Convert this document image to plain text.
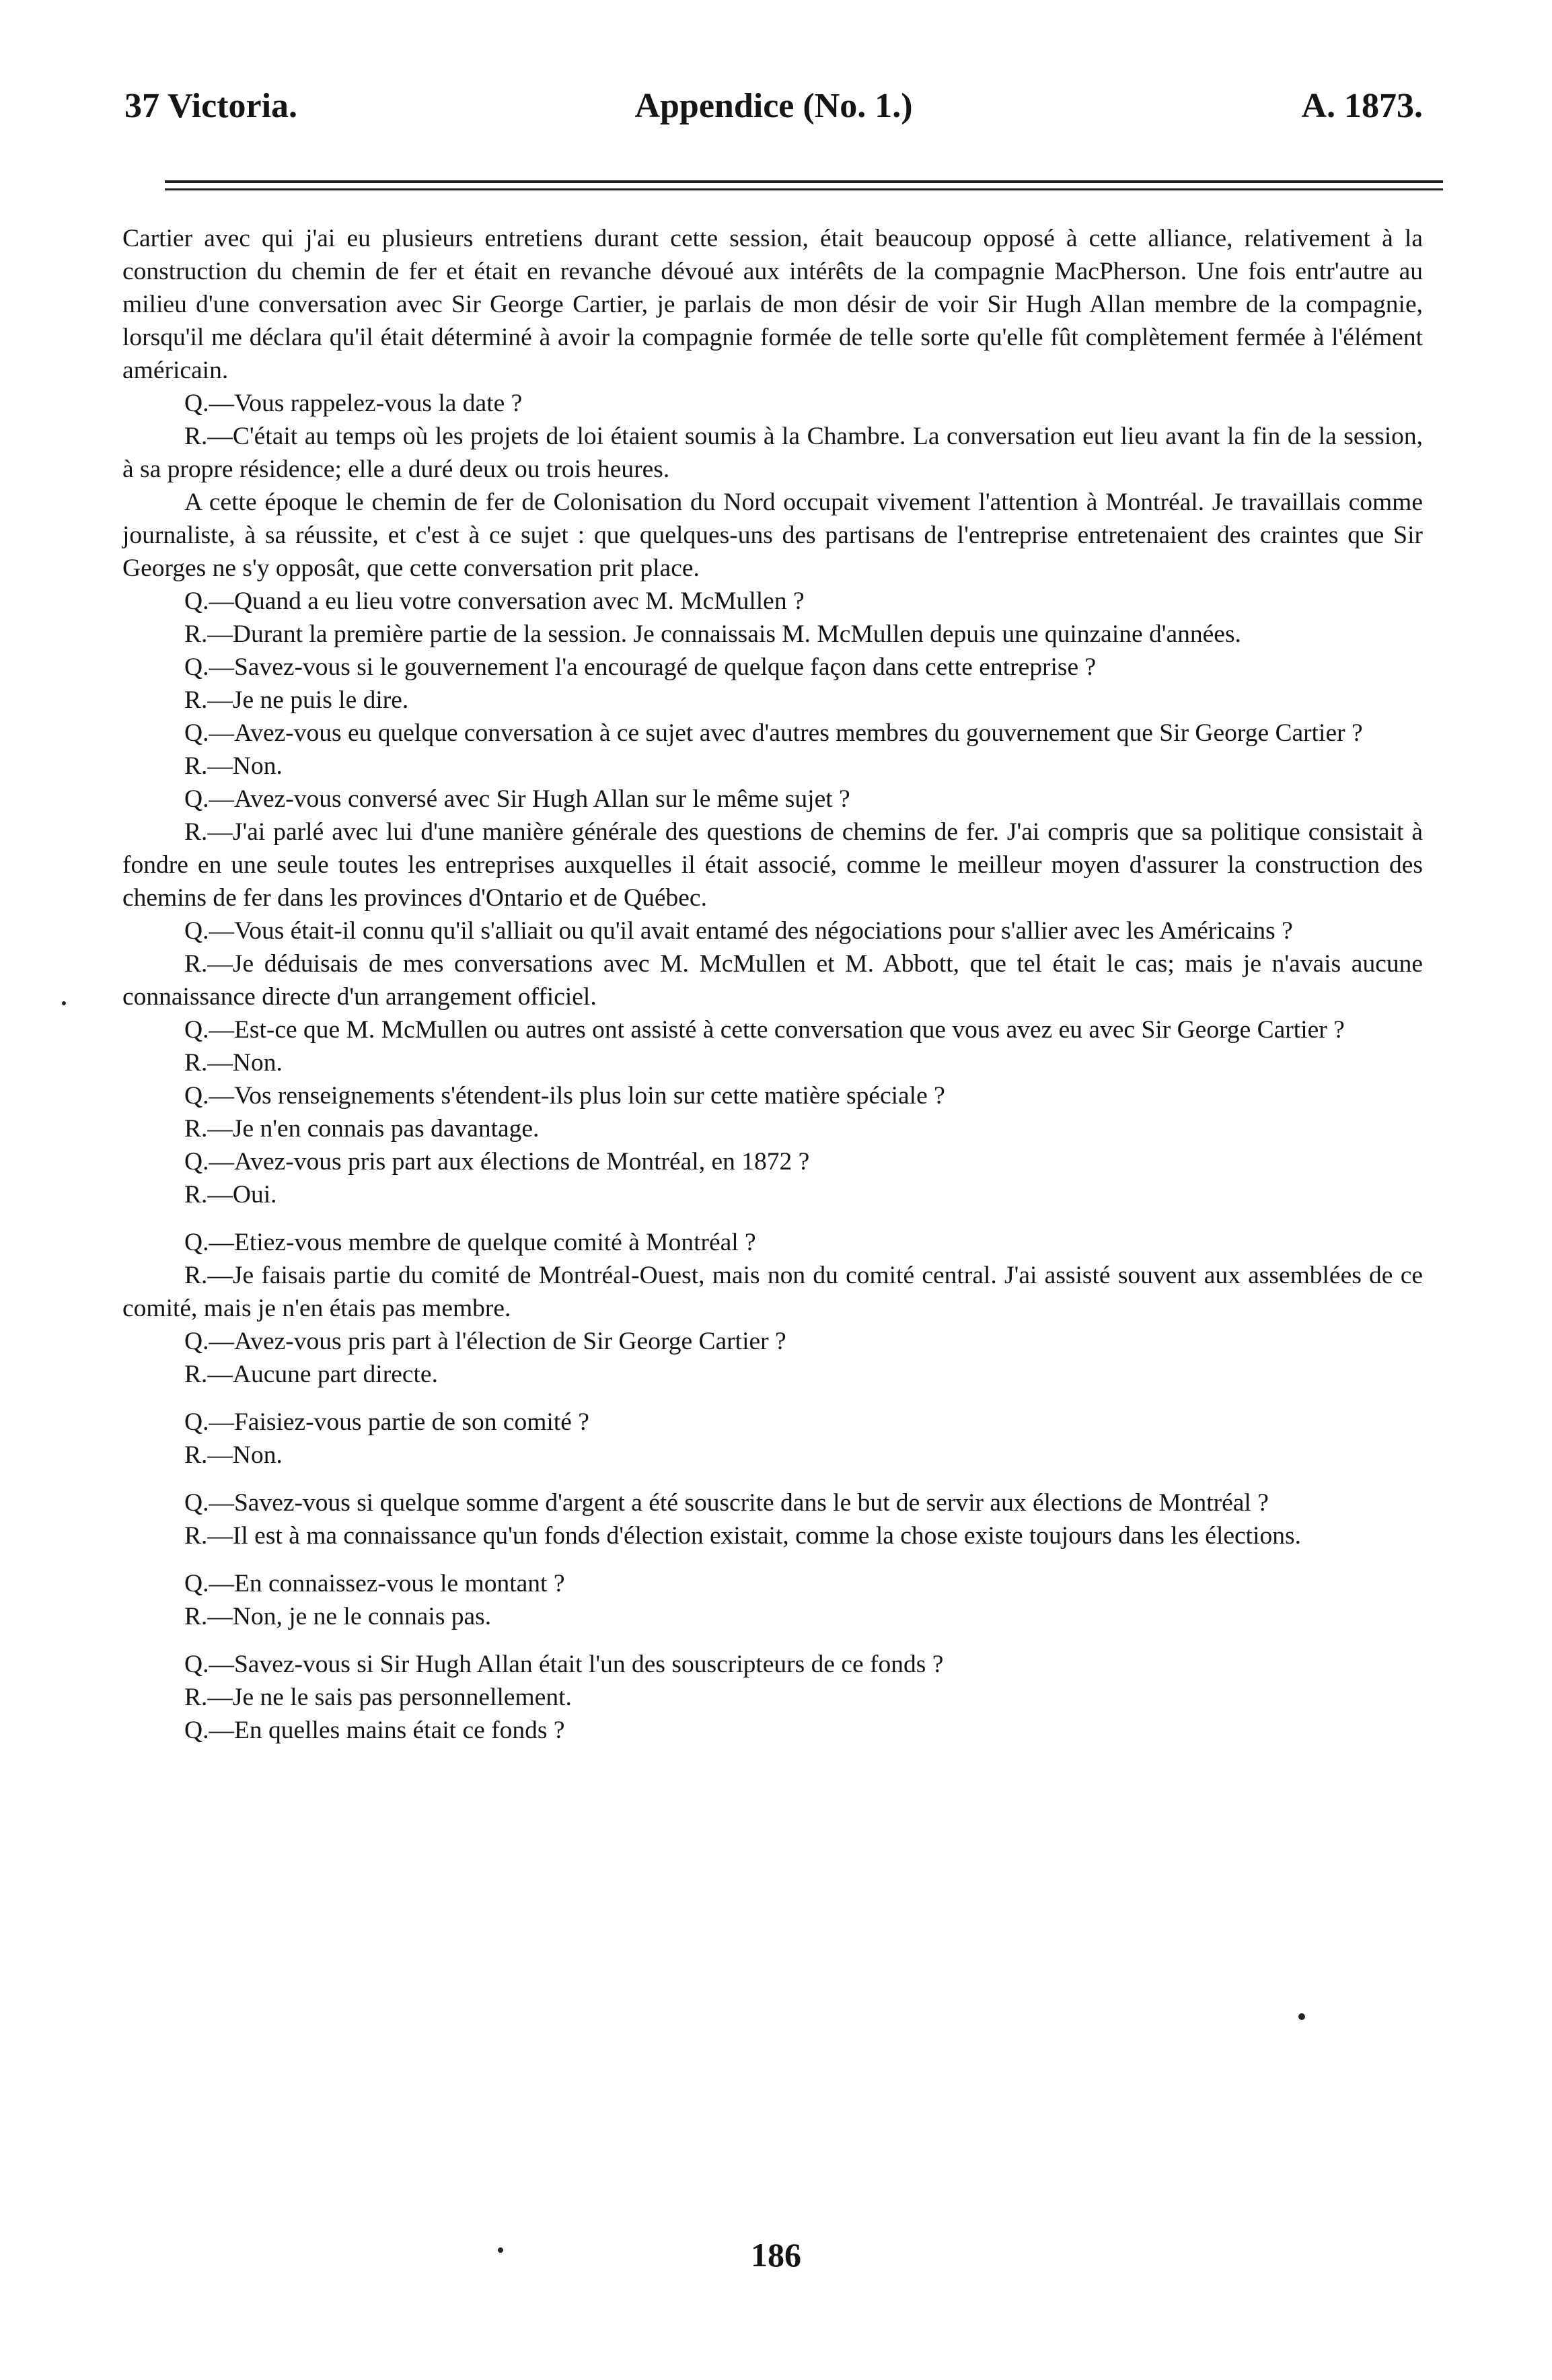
37 Victoria.	Appendice (No. 1.)	A. 1873.

Cartier avec qui j'ai eu plusieurs entretiens durant cette session, était beaucoup opposé à cette alliance, relativement à la construction du chemin de fer et était en revanche dévoué aux intérêts de la compagnie MacPherson. Une fois entr'autre au milieu d'une conversation avec Sir George Cartier, je parlais de mon désir de voir Sir Hugh Allan membre de la compagnie, lorsqu'il me déclara qu'il était déterminé à avoir la compagnie formée de telle sorte qu'elle fût complètement fermée à l'élément américain.

Q.—Vous rappelez-vous la date ?

R.—C'était au temps où les projets de loi étaient soumis à la Chambre. La conversation eut lieu avant la fin de la session, à sa propre résidence; elle a duré deux ou trois heures.

A cette époque le chemin de fer de Colonisation du Nord occupait vivement l'attention à Montréal. Je travaillais comme journaliste, à sa réussite, et c'est à ce sujet : que quelques-uns des partisans de l'entreprise entretenaient des craintes que Sir Georges ne s'y opposât, que cette conversation prit place.

Q.—Quand a eu lieu votre conversation avec M. McMullen ?

R.—Durant la première partie de la session. Je connaissais M. McMullen depuis une quinzaine d'années.

Q.—Savez-vous si le gouvernement l'a encouragé de quelque façon dans cette entreprise ?

R.—Je ne puis le dire.

Q.—Avez-vous eu quelque conversation à ce sujet avec d'autres membres du gouvernement que Sir George Cartier ?

R.—Non.

Q.—Avez-vous conversé avec Sir Hugh Allan sur le même sujet ?

R.—J'ai parlé avec lui d'une manière générale des questions de chemins de fer. J'ai compris que sa politique consistait à fondre en une seule toutes les entreprises auxquelles il était associé, comme le meilleur moyen d'assurer la construction des chemins de fer dans les provinces d'Ontario et de Québec.

Q.—Vous était-il connu qu'il s'alliait ou qu'il avait entamé des négociations pour s'allier avec les Américains ?

R.—Je déduisais de mes conversations avec M. McMullen et M. Abbott, que tel était le cas; mais je n'avais aucune connaissance directe d'un arrangement officiel.

Q.—Est-ce que M. McMullen ou autres ont assisté à cette conversation que vous avez eu avec Sir George Cartier ?

R.—Non.

Q.—Vos renseignements s'étendent-ils plus loin sur cette matière spéciale ?

R.—Je n'en connais pas davantage.

Q.—Avez-vous pris part aux élections de Montréal, en 1872 ?

R.—Oui.

Q.—Etiez-vous membre de quelque comité à Montréal ?

R.—Je faisais partie du comité de Montréal-Ouest, mais non du comité central. J'ai assisté souvent aux assemblées de ce comité, mais je n'en étais pas membre.

Q.—Avez-vous pris part à l'élection de Sir George Cartier ?

R.—Aucune part directe.

Q.—Faisiez-vous partie de son comité ?

R.—Non.

Q.—Savez-vous si quelque somme d'argent a été souscrite dans le but de servir aux élections de Montréal ?

R.—Il est à ma connaissance qu'un fonds d'élection existait, comme la chose existe toujours dans les élections.

Q.—En connaissez-vous le montant ?

R.—Non, je ne le connais pas.

Q.—Savez-vous si Sir Hugh Allan était l'un des souscripteurs de ce fonds ?

R.—Je ne le sais pas personnellement.

Q.—En quelles mains était ce fonds ?

186
